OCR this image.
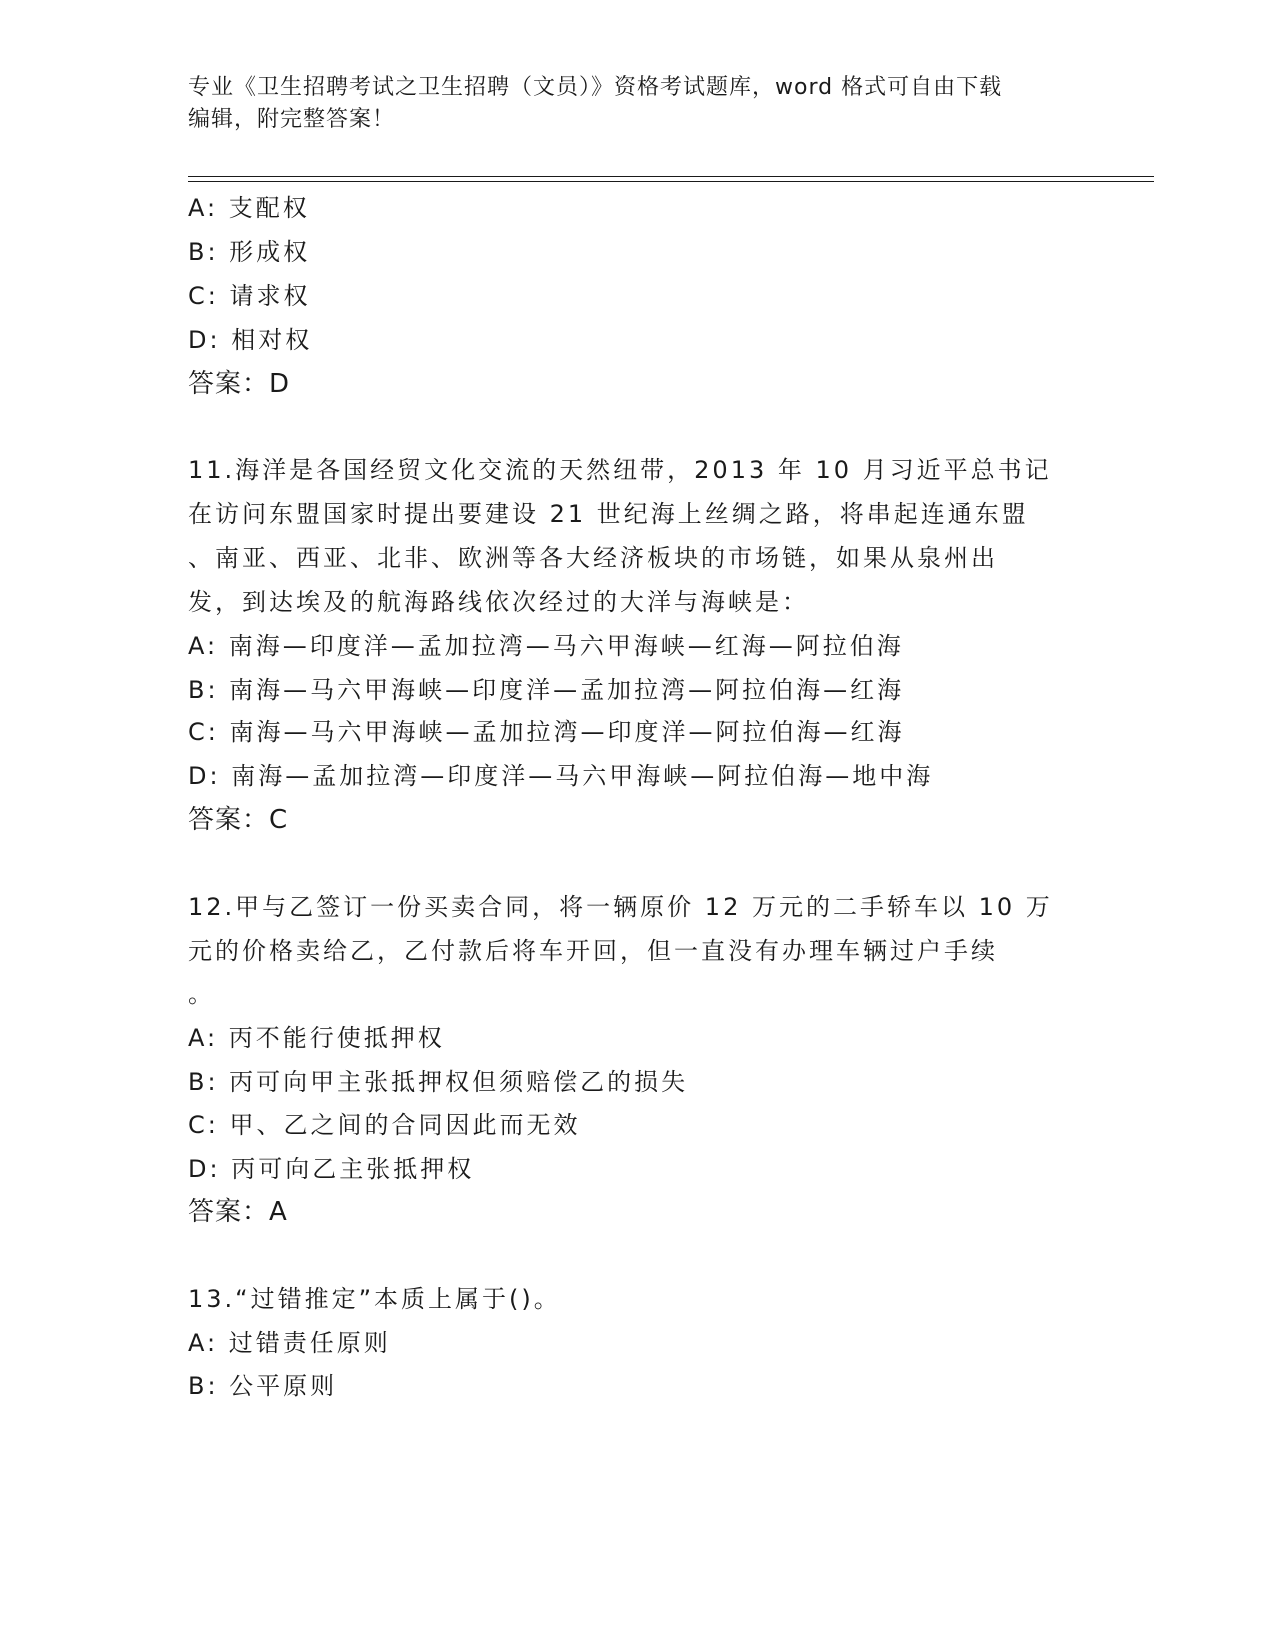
专业《卫生招聘考试之卫生招聘（文员）》资格考试题库，word 格式可自由下载
编辑，附完整答案！
A: 支配权
B: 形成权
C: 请求权
D: 相对权
答案：D
11.海洋是各国经贸文化交流的天然纽带，2013 年 10 月习近平总书记
在访问东盟国家时提出要建设 21 世纪海上丝绸之路，将串起连通东盟
、南亚、西亚、北非、欧洲等各大经济板块的市场链，如果从泉州出
发，到达埃及的航海路线依次经过的大洋与海峡是：
A: 南海—印度洋—孟加拉湾—马六甲海峡—红海—阿拉伯海
B: 南海—马六甲海峡—印度洋—孟加拉湾—阿拉伯海—红海
C: 南海—马六甲海峡—孟加拉湾—印度洋—阿拉伯海—红海
D: 南海—孟加拉湾—印度洋—马六甲海峡—阿拉伯海—地中海
答案：C
12.甲与乙签订一份买卖合同，将一辆原价 12 万元的二手轿车以 10 万
元的价格卖给乙，乙付款后将车开回，但一直没有办理车辆过户手续
。
A: 丙不能行使抵押权
B: 丙可向甲主张抵押权但须赔偿乙的损失
C: 甲、乙之间的合同因此而无效
D: 丙可向乙主张抵押权
答案：A
13.“过错推定”本质上属于()。
A: 过错责任原则
B: 公平原则
